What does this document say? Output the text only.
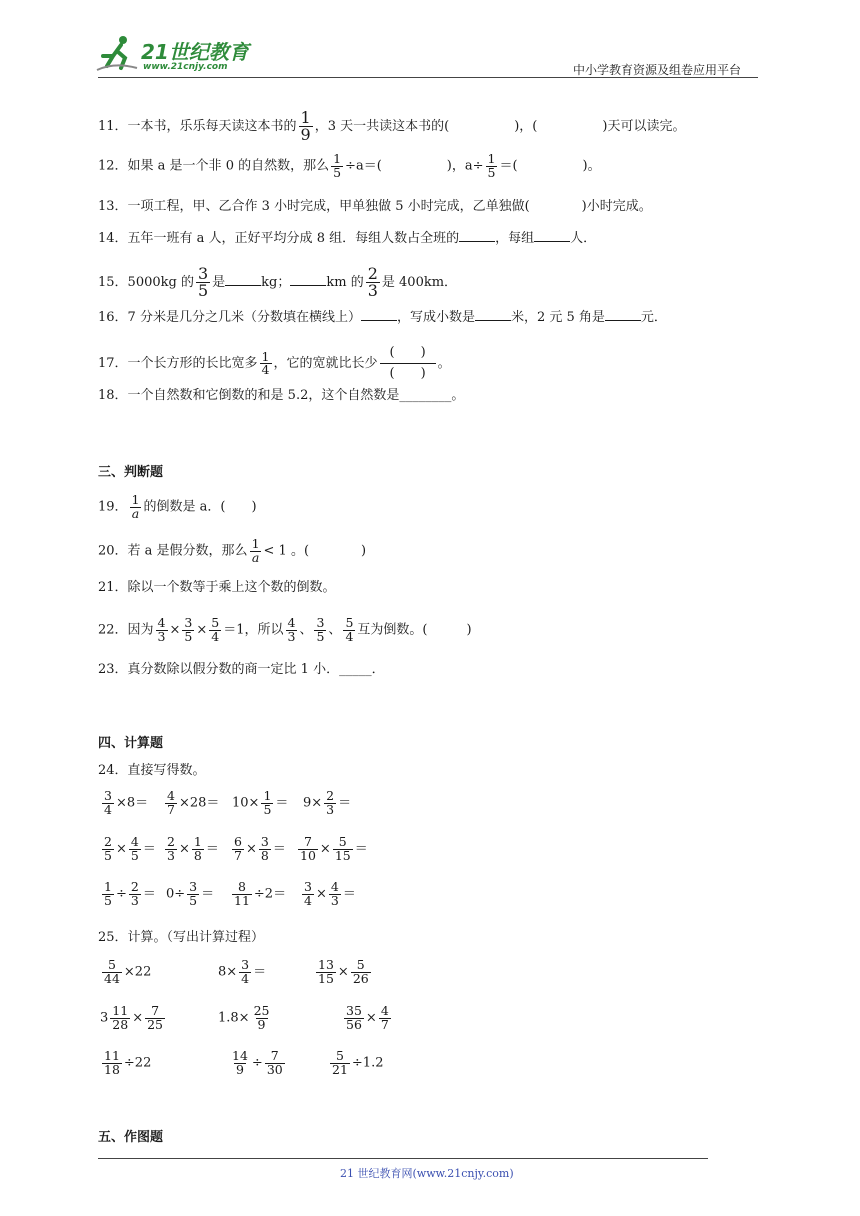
21世纪教育
www.21cnjy.com	中小学教育资源及组卷应用平台
11．一本书，乐乐每天读这本书的 $\frac{1}{9}$ ，3 天一共读这本书的(　　　　　	)，(　　　　　	)天可以读完。
12．如果 a 是一个非 0 的自然数，那么 $\frac{1}{5} \div a=$(　　　　　	)，$a\div \frac{1}{5}$ ＝(　　　　　	)。
13．一项工程，甲、乙合作 3 小时完成，甲单独做 5 小时完成，乙单独做(　　　　)小时完成。
14．五年一班有 a 人，正好平均分成 8 组．每组人数占全班的	，每组	人．
15．5000kg 的 $\frac{3}{5}$ 是	kg；	km 的 $\frac{2}{3}$ 是 400km．
16．7 分米是几分之几米（分数填在横线上）	，写成小数是	米，2 元 5 角是	元．
17．一个长方形的长比宽多 $\frac{1}{4}$ ，它的宽就比长少 $\frac{( )}{( )}$ 。
18．一个自然数和它倒数的和是 5.2，这个自然数是________。
三、判断题
19． $\frac{1}{a}$ 的倒数是 a．(　　)
20．若 a 是假分数，那么 $\frac{1}{a} < 1$ 。(　　　　)
21．除以一个数等于乘上这个数的倒数。
22．因为 $\frac{4}{3} \times \frac{3}{5} \times \frac{5}{4} =1$，所以 $\frac{4}{3}$ 、 $\frac{3}{5}$ 、 $\frac{5}{4}$ 互为倒数。(　　　)
23．真分数除以假分数的商一定比 1 小．_____．
四、计算题
24．直接写得数。
$\frac{3}{4} \times 8= \frac{4}{7} \times 28= 10\times \frac{1}{5} = 9\times \frac{2}{3}$ ＝
$\frac{2}{5} \times \frac{4}{5} = \frac{2}{3} \times \frac{1}{8} = \frac{6}{7} \times \frac{3}{8} = \frac{7}{10} \times \frac{5}{15}$ ＝
$\frac{1}{5} \div \frac{2}{3} = 0\div \frac{3}{5} = \frac{8}{11} \div 2= \frac{3}{4} \times \frac{4}{3}$ ＝
25．计算。（写出计算过程）
$\frac{5}{44} \times 22$	$8\times \frac{3}{4}$ ＝	$\frac{13}{15} \times \frac{5}{26}$
$3 \frac{11}{28} \times \frac{7}{25}$	$1.8\times \frac{25}{9}$	$\frac{35}{56} \times \frac{4}{7}$
$\frac{11}{18} \div 22$	$\frac{14}{9} \div \frac{7}{30}$	$\frac{5}{21} \div 1.2$
五、作图题
21 世纪教育网(www.21cnjy.com)
